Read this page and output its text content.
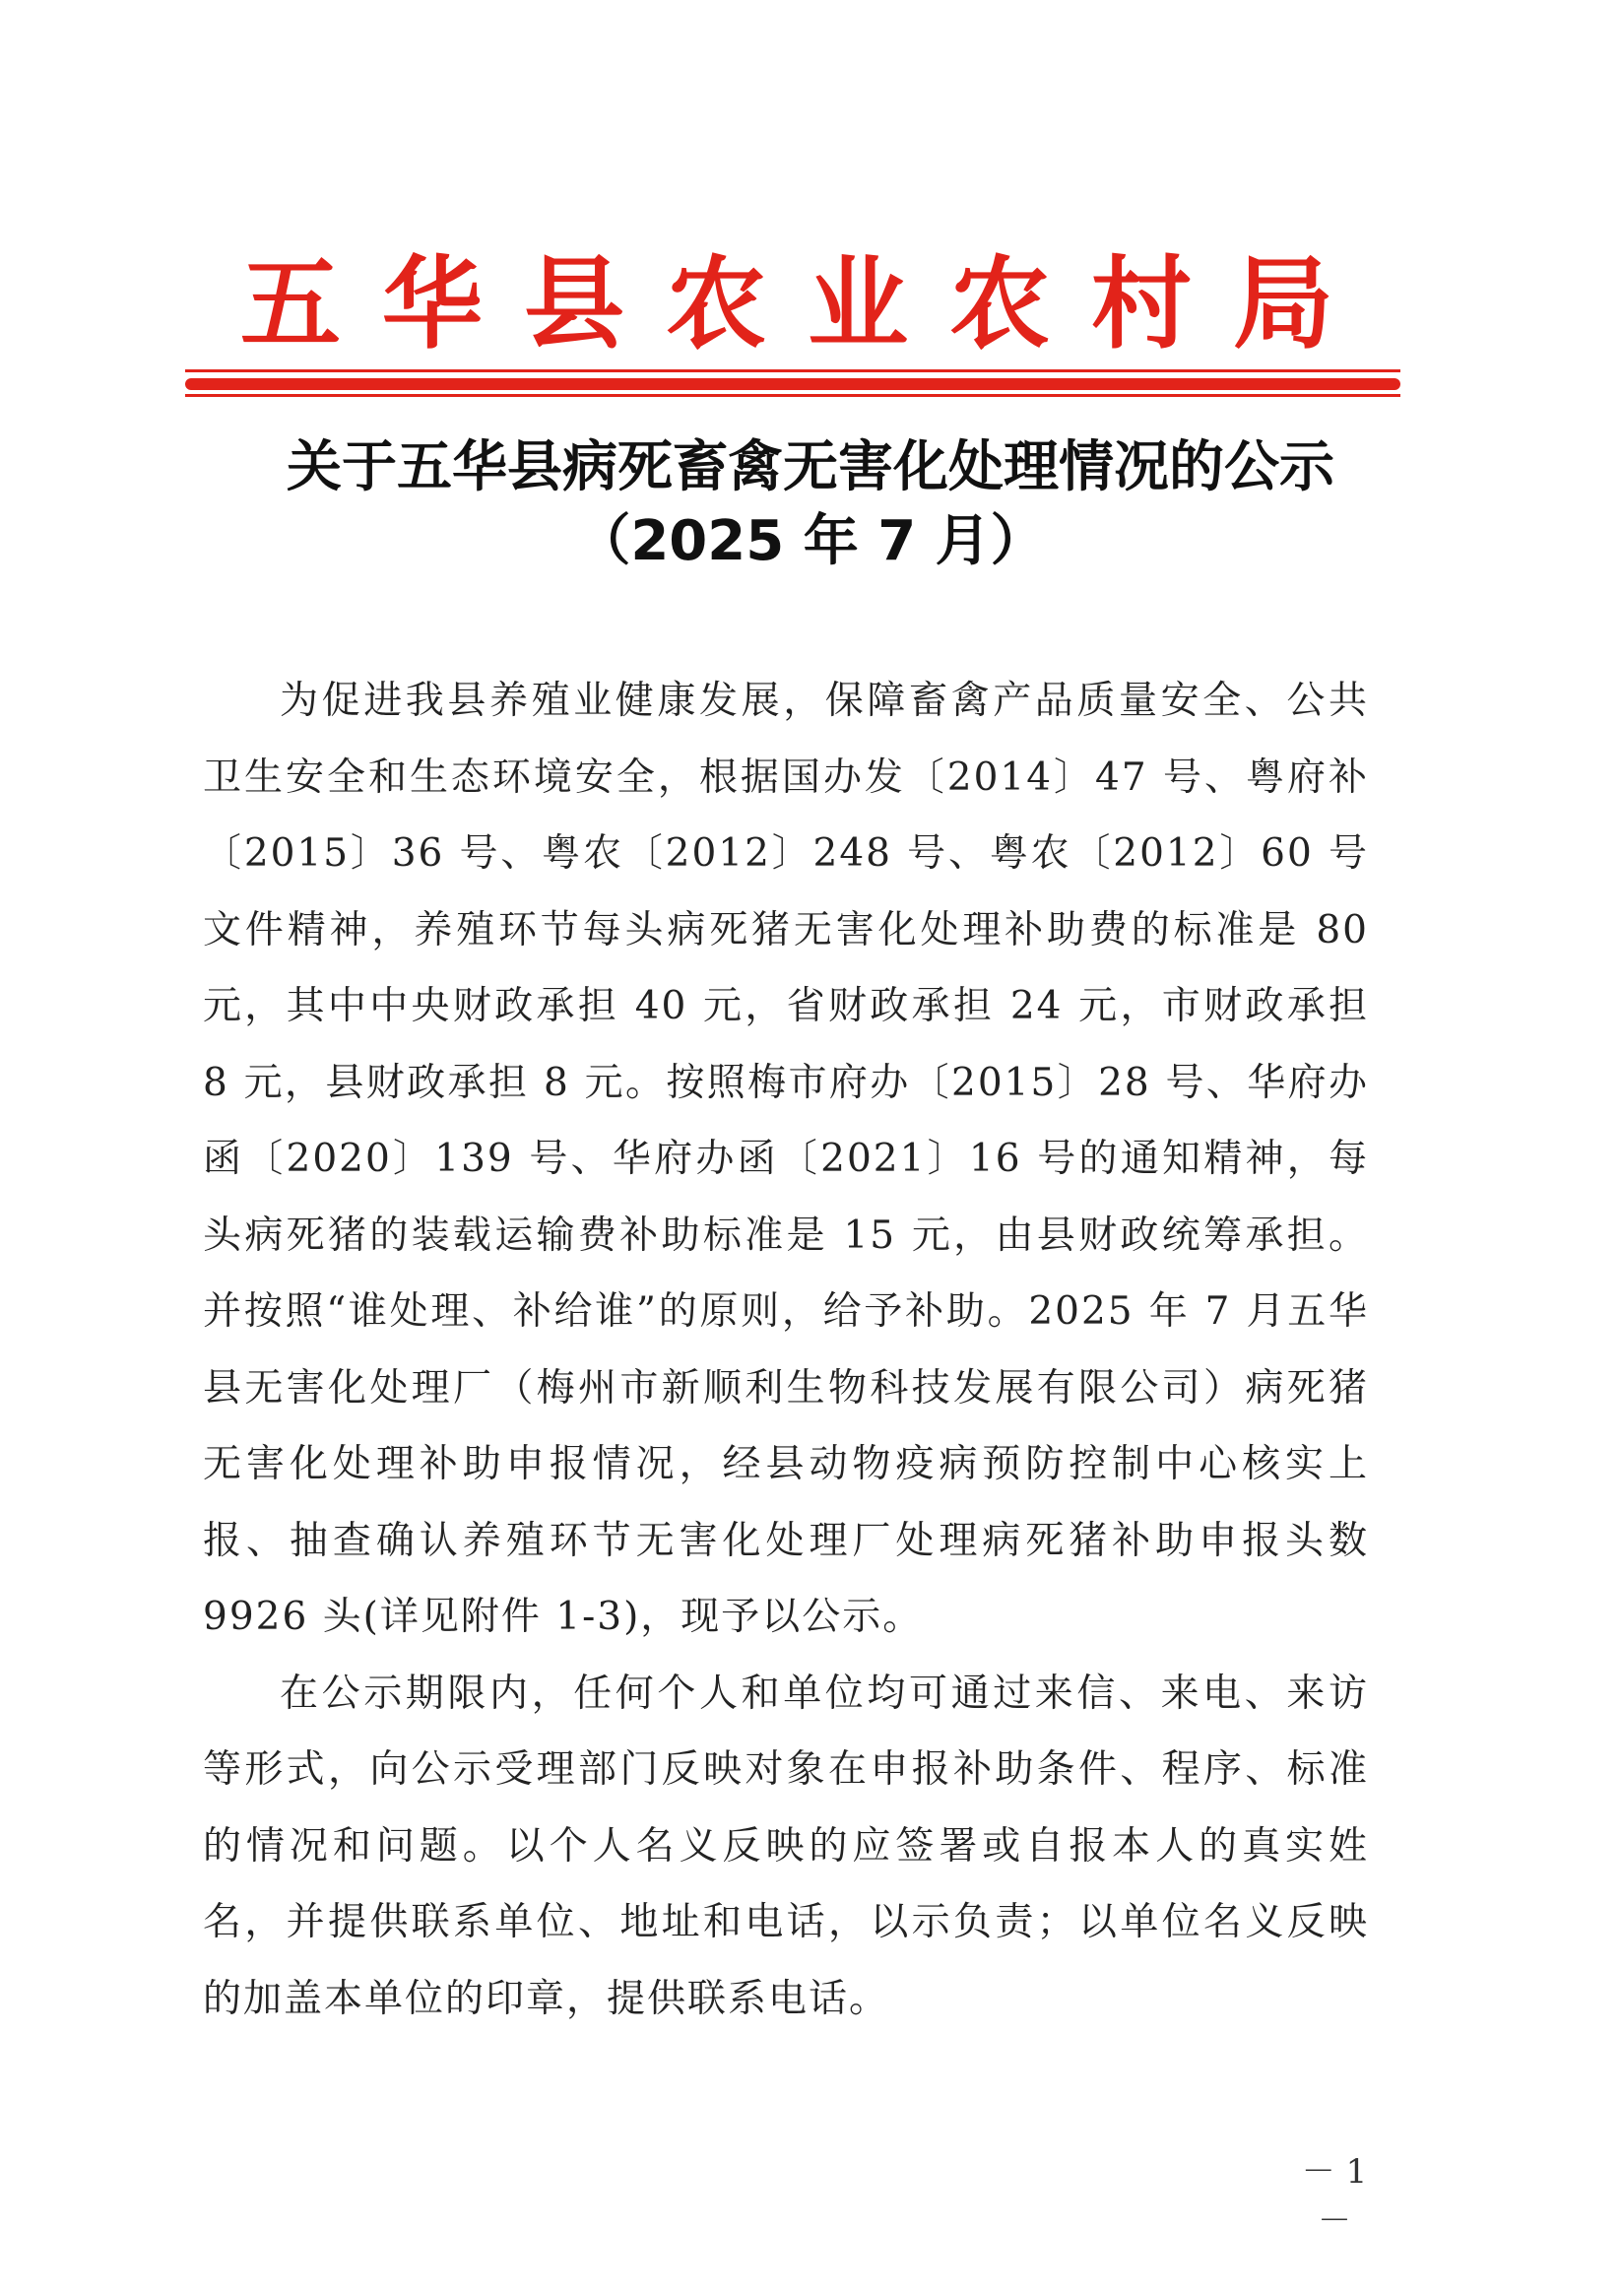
五华县农业农村局
关于五华县病死畜禽无害化处理情况的公示
（2025 年 7 月）

为促进我县养殖业健康发展，保障畜禽产品质量安全、公共卫生安全和生态环境安全，根据国办发〔2014〕47 号、粤府补〔2015〕36 号、粤农〔2012〕248 号、粤农〔2012〕60 号文件精神，养殖环节每头病死猪无害化处理补助费的标准是 80 元，其中中央财政承担 40 元，省财政承担 24 元，市财政承担 8 元，县财政承担 8 元。按照梅市府办〔2015〕28 号、华府办函〔2020〕139 号、华府办函〔2021〕16 号的通知精神，每头病死猪的装载运输费补助标准是 15 元，由县财政统筹承担。并按照“谁处理、补给谁”的原则，给予补助。2025 年 7 月五华县无害化处理厂（梅州市新顺利生物科技发展有限公司）病死猪无害化处理补助申报情况，经县动物疫病预防控制中心核实上报、抽查确认养殖环节无害化处理厂处理病死猪补助申报头数 9926 头(详见附件 1-3)，现予以公示。

在公示期限内，任何个人和单位均可通过来信、来电、来访等形式，向公示受理部门反映对象在申报补助条件、程序、标准的情况和问题。以个人名义反映的应签署或自报本人的真实姓名，并提供联系单位、地址和电话，以示负责；以单位名义反映的加盖本单位的印章，提供联系电话。

－ 1 －
